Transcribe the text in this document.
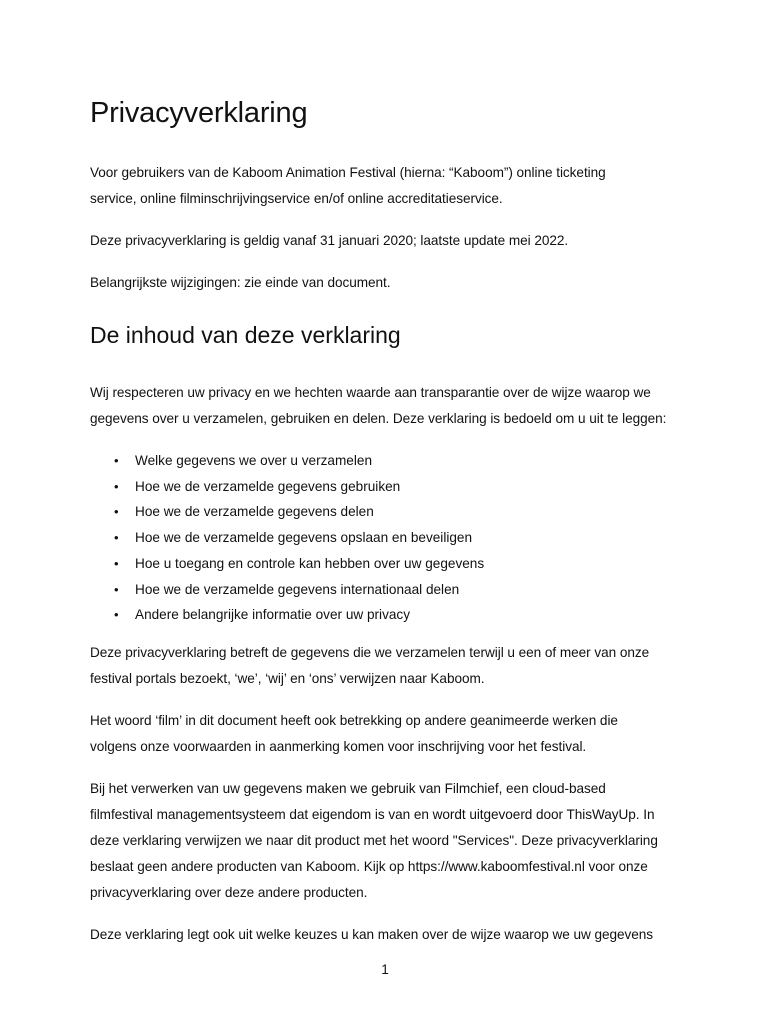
Privacyverklaring

Voor gebruikers van de Kaboom Animation Festival (hierna: “Kaboom”) online ticketing
service, online filminschrijvingservice en/of online accreditatieservice.

Deze privacyverklaring is geldig vanaf 31 januari 2020; laatste update mei 2022.

Belangrijkste wijzigingen: zie einde van document.

De inhoud van deze verklaring

Wij respecteren uw privacy en we hechten waarde aan transparantie over de wijze waarop we
gegevens over u verzamelen, gebruiken en delen. Deze verklaring is bedoeld om u uit te leggen:

• Welke gegevens we over u verzamelen
• Hoe we de verzamelde gegevens gebruiken
• Hoe we de verzamelde gegevens delen
• Hoe we de verzamelde gegevens opslaan en beveiligen
• Hoe u toegang en controle kan hebben over uw gegevens
• Hoe we de verzamelde gegevens internationaal delen
• Andere belangrijke informatie over uw privacy

Deze privacyverklaring betreft de gegevens die we verzamelen terwijl u een of meer van onze
festival portals bezoekt, ‘we’, ‘wij’ en ‘ons’ verwijzen naar Kaboom.

Het woord ‘film’ in dit document heeft ook betrekking op andere geanimeerde werken die
volgens onze voorwaarden in aanmerking komen voor inschrijving voor het festival.

Bij het verwerken van uw gegevens maken we gebruik van Filmchief, een cloud-based
filmfestival managementsysteem dat eigendom is van en wordt uitgevoerd door ThisWayUp. In
deze verklaring verwijzen we naar dit product met het woord "Services". Deze privacyverklaring
beslaat geen andere producten van Kaboom. Kijk op https://www.kaboomfestival.nl voor onze
privacyverklaring over deze andere producten.

Deze verklaring legt ook uit welke keuzes u kan maken over de wijze waarop we uw gegevens

1
